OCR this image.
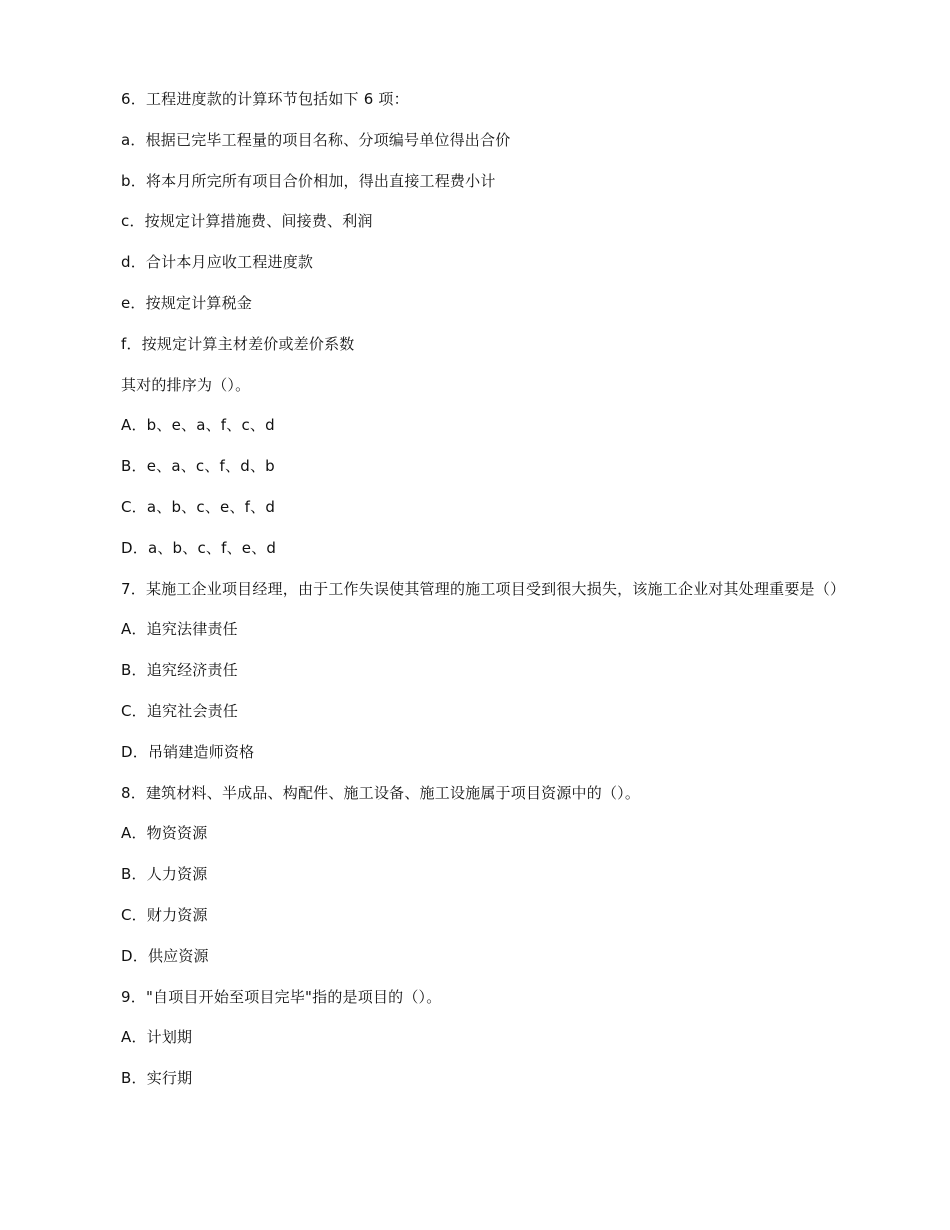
6．工程进度款的计算环节包括如下 6 项：

a．根据已完毕工程量的项目名称、分项编号单位得出合价

b．将本月所完所有项目合价相加，得出直接工程费小计

c．按规定计算措施费、间接费、利润

d．合计本月应收工程进度款

e．按规定计算税金

f．按规定计算主材差价或差价系数

其对的排序为（）。

A．b、e、a、f、c、d

B．e、a、c、f、d、b

C．a、b、c、e、f、d

D．a、b、c、f、e、d

7．某施工企业项目经理，由于工作失误使其管理的施工项目受到很大损失，该施工企业对其处理重要是（）

A．追究法律责任

B．追究经济责任

C．追究社会责任

D．吊销建造师资格

8．建筑材料、半成品、构配件、施工设备、施工设施属于项目资源中的（）。

A．物资资源

B．人力资源

C．财力资源

D．供应资源

9．"自项目开始至项目完毕"指的是项目的（）。

A．计划期

B．实行期
